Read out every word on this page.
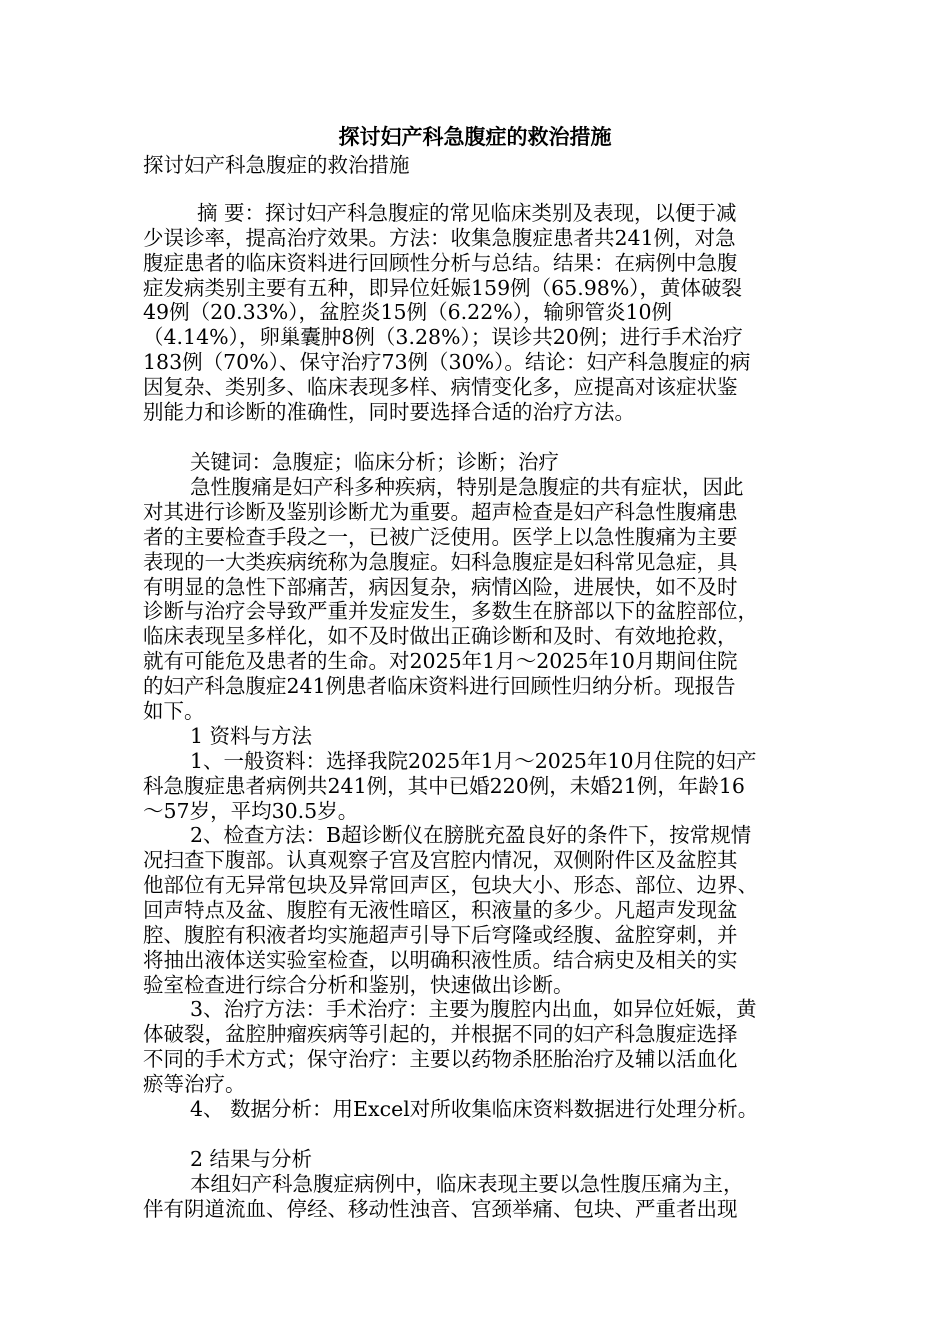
探讨妇产科急腹症的救治措施
探讨妇产科急腹症的救治措施
摘 要：探讨妇产科急腹症的常见临床类别及表现，以便于减
少误诊率，提高治疗效果。方法：收集急腹症患者共241例，对急
腹症患者的临床资料进行回顾性分析与总结。结果：在病例中急腹
症发病类别主要有五种，即异位妊娠159例（65.98%），黄体破裂
49例（20.33%），盆腔炎15例（6.22%），输卵管炎10例
（4.14%），卵巢囊肿8例（3.28%）；误诊共20例；进行手术治疗
183例（70%）、保守治疗73例（30%）。结论：妇产科急腹症的病
因复杂、类别多、临床表现多样、病情变化多，应提高对该症状鉴
别能力和诊断的准确性，同时要选择合适的治疗方法。
关键词：急腹症；临床分析；诊断；治疗
急性腹痛是妇产科多种疾病，特别是急腹症的共有症状，因此
对其进行诊断及鉴别诊断尤为重要。超声检查是妇产科急性腹痛患
者的主要检查手段之一，已被广泛使用。医学上以急性腹痛为主要
表现的一大类疾病统称为急腹症。妇科急腹症是妇科常见急症，具
有明显的急性下部痛苦，病因复杂，病情凶险，进展快，如不及时
诊断与治疗会导致严重并发症发生，多数生在脐部以下的盆腔部位，
临床表现呈多样化，如不及时做出正确诊断和及时、有效地抢救，
就有可能危及患者的生命。对2025年1月～2025年10月期间住院
的妇产科急腹症241例患者临床资料进行回顾性归纳分析。现报告
如下。
1 资料与方法
1、一般资料：选择我院2025年1月～2025年10月住院的妇产
科急腹症患者病例共241例，其中已婚220例，未婚21例，年龄16
～57岁，平均30.5岁。
2、检查方法：B超诊断仪在膀胱充盈良好的条件下，按常规情
况扫查下腹部。认真观察子宫及宫腔内情况，双侧附件区及盆腔其
他部位有无异常包块及异常回声区，包块大小、形态、部位、边界、
回声特点及盆、腹腔有无液性暗区，积液量的多少。凡超声发现盆
腔、腹腔有积液者均实施超声引导下后穹隆或经腹、盆腔穿刺，并
将抽出液体送实验室检查，以明确积液性质。结合病史及相关的实
验室检查进行综合分析和鉴别，快速做出诊断。
3、治疗方法：手术治疗：主要为腹腔内出血，如异位妊娠，黄
体破裂，盆腔肿瘤疾病等引起的，并根据不同的妇产科急腹症选择
不同的手术方式；保守治疗：主要以药物杀胚胎治疗及辅以活血化
瘀等治疗。
4、 数据分析：用Excel对所收集临床资料数据进行处理分析。
2 结果与分析
本组妇产科急腹症病例中，临床表现主要以急性腹压痛为主，
伴有阴道流血、停经、移动性浊音、宫颈举痛、包块、严重者出现
